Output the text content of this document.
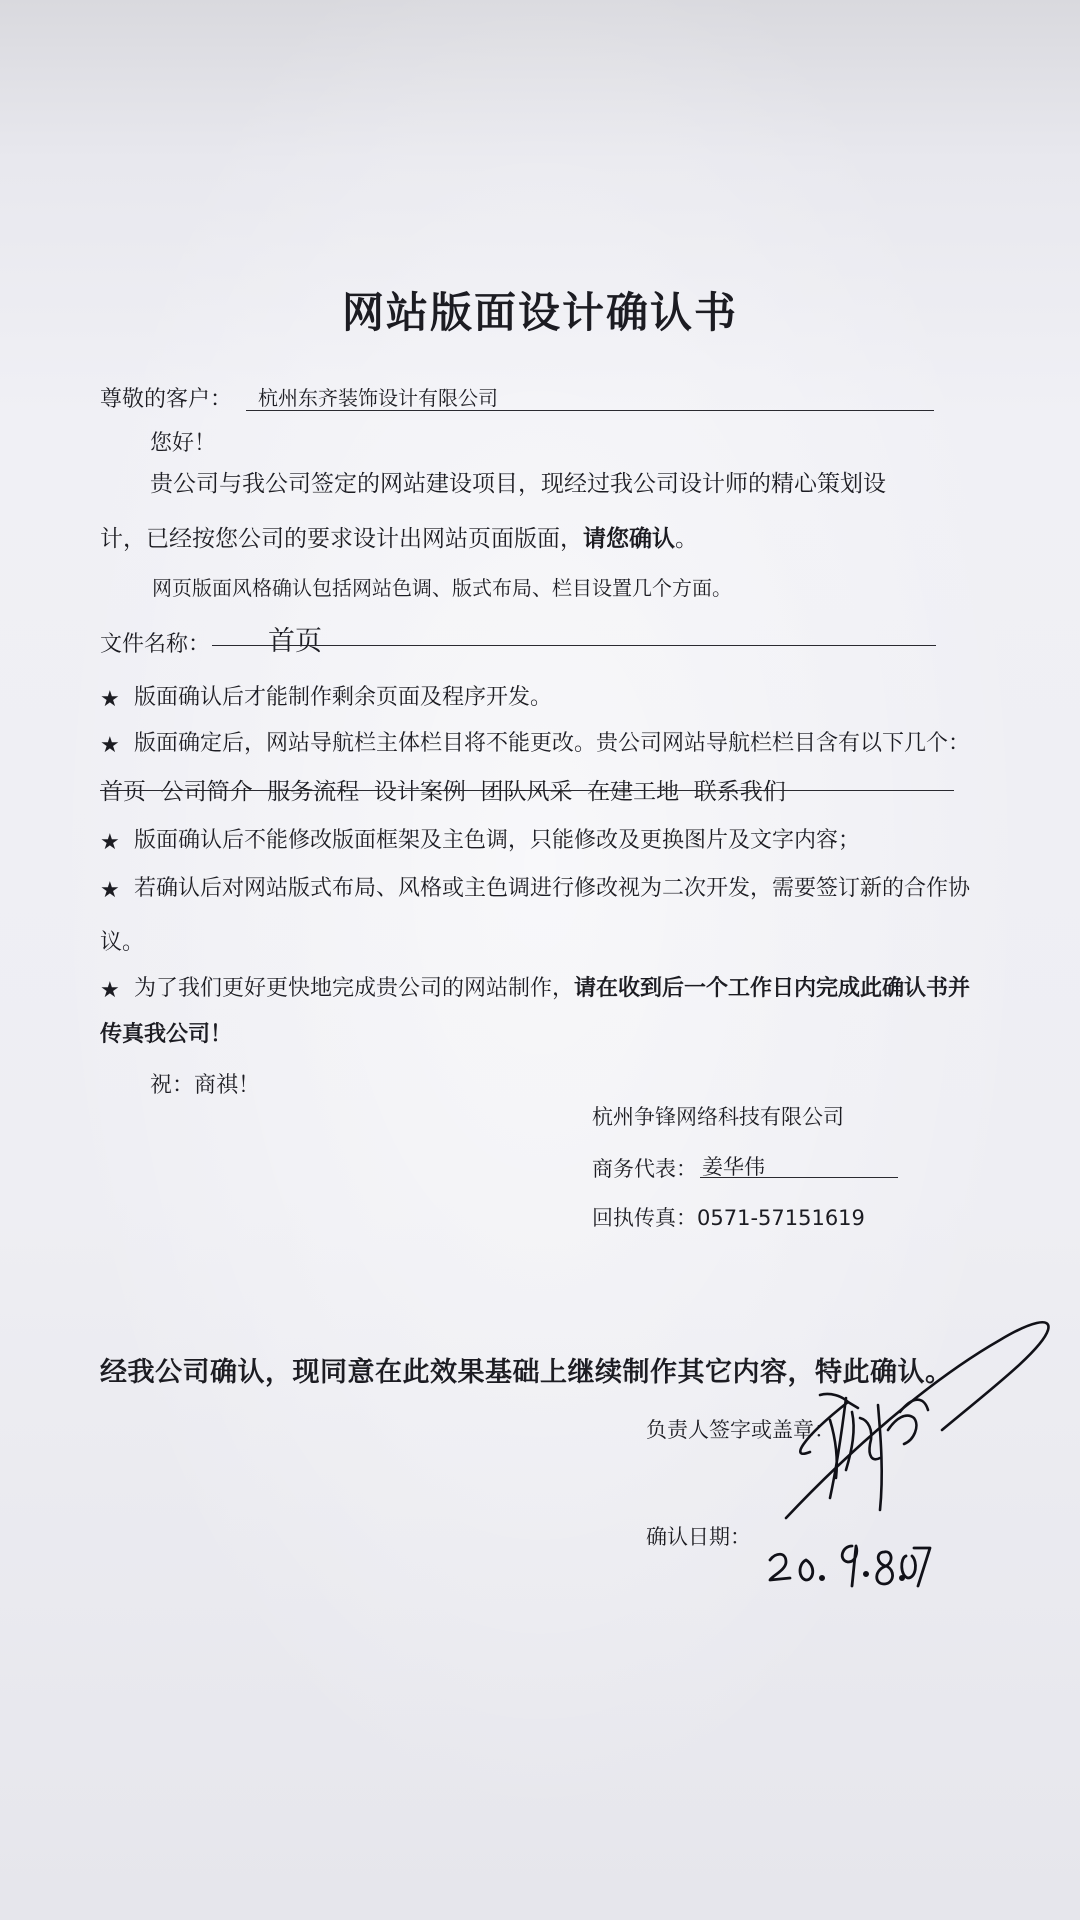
网站版面设计确认书
尊敬的客户： 杭州东齐装饰设计有限公司
您好！
贵公司与我公司签定的网站建设项目，现经过我公司设计师的精心策划设
计，已经按您公司的要求设计出网站页面版面，请您确认。
网页版面风格确认包括网站色调、版式布局、栏目设置几个方面。
文件名称： 首页
★ 版面确认后才能制作剩余页面及程序开发。
★ 版面确定后，网站导航栏主体栏目将不能更改。贵公司网站导航栏栏目含有以下几个：
首页  公司简介  服务流程  设计案例  团队风采  在建工地  联系我们
★ 版面确认后不能修改版面框架及主色调，只能修改及更换图片及文字内容；
★ 若确认后对网站版式布局、风格或主色调进行修改视为二次开发，需要签订新的合作协
议。
★ 为了我们更好更快地完成贵公司的网站制作，请在收到后一个工作日内完成此确认书并
传真我公司！
祝：商祺！
杭州争锋网络科技有限公司
商务代表： 姜华伟
回执传真：0571-57151619
经我公司确认，现同意在此效果基础上继续制作其它内容，特此确认。
负责人签字或盖章：
确认日期：
